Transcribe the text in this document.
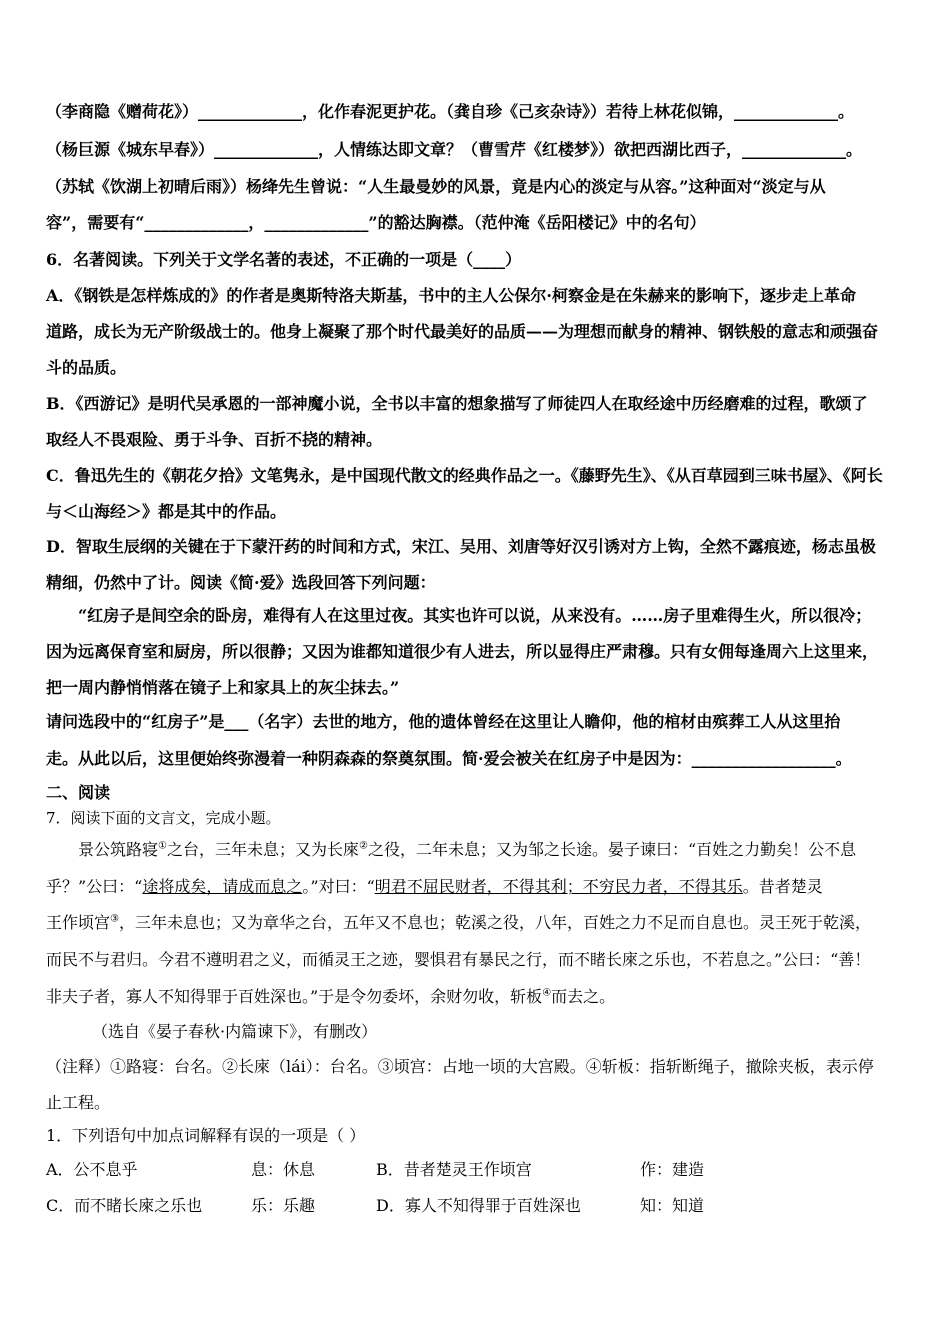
（李商隐《赠荷花》）_____________，化作春泥更护花。（龚自珍《己亥杂诗》）若待上林花似锦，_____________。
（杨巨源《城东早春》）_____________，人情练达即文章？（曹雪芹《红楼梦》）欲把西湖比西子，_____________。
（苏轼《饮湖上初晴后雨》）杨绛先生曾说：“人生最曼妙的风景，竟是内心的淡定与从容。”这种面对“淡定与从
容”，需要有“_____________，_____________”的豁达胸襟。（范仲淹《岳阳楼记》中的名句）
6．名著阅读。下列关于文学名著的表述，不正确的一项是（____）
A．《钢铁是怎样炼成的》的作者是奥斯特洛夫斯基，书中的主人公保尔·柯察金是在朱赫来的影响下，逐步走上革命
道路，成长为无产阶级战士的。他身上凝聚了那个时代最美好的品质——为理想而献身的精神、钢铁般的意志和顽强奋
斗的品质。
B．《西游记》是明代吴承恩的一部神魔小说，全书以丰富的想象描写了师徒四人在取经途中历经磨难的过程，歌颂了
取经人不畏艰险、勇于斗争、百折不挠的精神。
C．鲁迅先生的《朝花夕拾》文笔隽永，是中国现代散文的经典作品之一。《藤野先生》、《从百草园到三味书屋》、《阿长
与＜山海经＞》都是其中的作品。
D．智取生辰纲的关键在于下蒙汗药的时间和方式，宋江、吴用、刘唐等好汉引诱对方上钩，全然不露痕迹，杨志虽极
精细，仍然中了计。阅读《简·爱》选段回答下列问题：
“红房子是间空余的卧房，难得有人在这里过夜。其实也许可以说，从来没有。……房子里难得生火，所以很冷；
因为远离保育室和厨房，所以很静；又因为谁都知道很少有人进去，所以显得庄严肃穆。只有女佣每逢周六上这里来，
把一周内静悄悄落在镜子上和家具上的灰尘抹去。”
请问选段中的“红房子”是___（名字）去世的地方，他的遗体曾经在这里让人瞻仰，他的棺材由殡葬工人从这里抬
走。从此以后，这里便始终弥漫着一种阴森森的祭奠氛围。简·爱会被关在红房子中是因为：__________________。
二、阅读
7．阅读下面的文言文，完成小题。
景公筑路寝①之台，三年未息；又为长庲②之役，二年未息；又为邹之长途。晏子谏曰：“百姓之力勤矣！公不息
乎？”公曰：“途将成矣，请成而息之。”对曰：“明君不屈民财者，不得其利；不穷民力者，不得其乐。昔者楚灵
王作顷宫③，三年未息也；又为章华之台，五年又不息也；乾溪之役，八年，百姓之力不足而自息也。灵王死于乾溪，
而民不与君归。今君不遵明君之义，而循灵王之迹，婴惧君有暴民之行，而不睹长庲之乐也，不若息之。”公曰：“善！
非夫子者，寡人不知得罪于百姓深也。”于是令勿委坏，余财勿收，斩板④而去之。
（选自《晏子春秋·内篇谏下》，有删改）
（注释）①路寝：台名。②长庲（lái）：台名。③顷宫：占地一顷的大宫殿。④斩板：指斩断绳子，撤除夹板，表示停
止工程。
1．下列语句中加点词解释有误的一项是（ ）
A．公不息乎	息：休息	B．昔者楚灵王作顷宫	作：建造
C．而不睹长庲之乐也	乐：乐趣	D．寡人不知得罪于百姓深也	知：知道
